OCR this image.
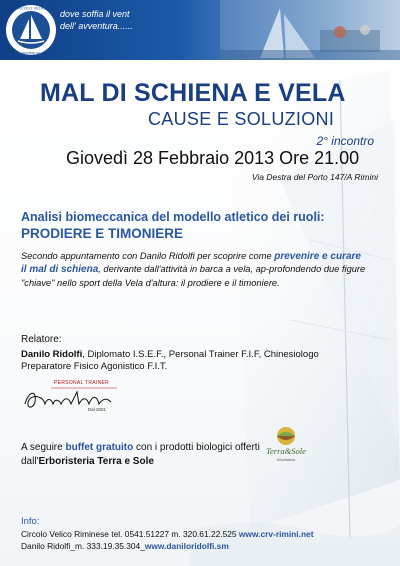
CIRCOLO VELICO
RIMINESE
dove soffia il vent
dell' avventura......
MAL DI SCHIENA E VELA
CAUSE E SOLUZIONI
2° incontro
Giovedì 28 Febbraio 2013 Ore 21.00
Via Destra del Porto 147/A Rimini
Analisi biomeccanica del modello atletico dei ruoli:
PRODIERE E TIMONIERE
Secondo appuntamento con Danilo Ridolfi per scoprire come prevenire e curare il mal di schiena, derivante dall'attività in barca a vela, ap-profondendo due figure "chiave" nello sport della Vela d'altura: il prodiere e il timoniere.
Relatore:
Danilo Ridolfi, Diplomato I.S.E.F., Personal Trainer F.I.F, Chinesiologo
Preparatore Fisico Agonistico F.I.T.
PERSONAL TRAINER
Dal 2001
A seguire buffet gratuito con i prodotti biologici offerti dall'Erboristeria Terra e Sole
Terra&Sole
Erboristeria
Info:
Circolo Velico Riminese tel. 0541.51227 m. 320.61.22.525 www.crv-rimini.net
Danilo Ridolfi_m. 333.19.35.304_www.daniloridolfi.sm
